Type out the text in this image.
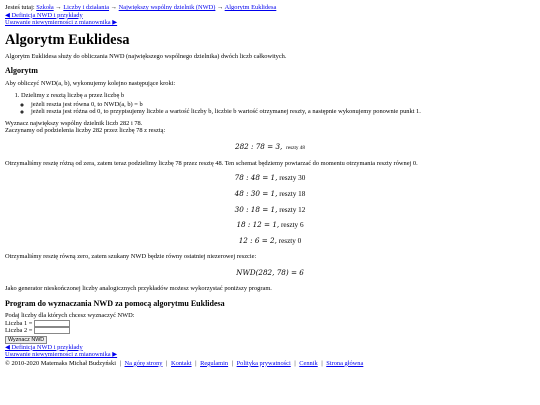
Jesteś tutaj: Szkoła → Liczby i działania → Największy wspólny dzielnik (NWD) → Algorytm Euklidesa
◀ Definicja NWD i przykłady
Usuwanie niewymierności z mianownika ▶
Algorytm Euklidesa

Algorytm Euklidesa służy do obliczania NWD (największego wspólnego dzielnika) dwóch liczb całkowitych.

Algorytm

Aby obliczyć NWD(a, b), wykonujemy kolejno następujące kroki:

1. Dzielimy z resztą liczbę a przez liczbę b
◦ jeżeli reszta jest równa 0, to NWD(a, b) = b
◦ jeżeli reszta jest różna od 0, to przypisujemy liczbie a wartość liczby b, liczbie b wartość otrzymanej reszty, a następnie wykonujemy ponownie punkt 1.
Wyznacz największy wspólny dzielnik liczb 282 i 78.
Zaczynamy od podzielenia liczby 282 przez liczbę 78 z resztą:
282 : 78 = 3, reszty 48

Otrzymaliśmy resztę różną od zera, zatem teraz podzielimy liczbę 78 przez resztę 48. Ten schemat będziemy powtarzać do momentu otrzymania reszty równej 0.

78 : 48 = 1, reszty 30
48 : 30 = 1, reszty 18
30 : 18 = 1, reszty 12
18 : 12 = 1, reszty 6
12 : 6 = 2, reszty 0

Otrzymaliśmy resztę równą zero, zatem szukany NWD będzie równy ostatniej niezerowej reszcie:

NWD(282, 78) = 6

Jako generator nieskończonej liczby analogicznych przykładów możesz wykorzystać poniższy program.

Program do wyznaczania NWD za pomocą algorytmu Euklidesa
Podaj liczby dla których chcesz wyznaczyć NWD:
Liczba 1 =
Liczba 2 =
Wyznacz NWD
◀ Definicja NWD i przykłady
Usuwanie niewymierności z mianownika ▶
© 2010-2020 Matemaks Michał Budzyński | Na górę strony | Kontakt | Regulamin | Polityka prywatności | Cennik | Strona główna
